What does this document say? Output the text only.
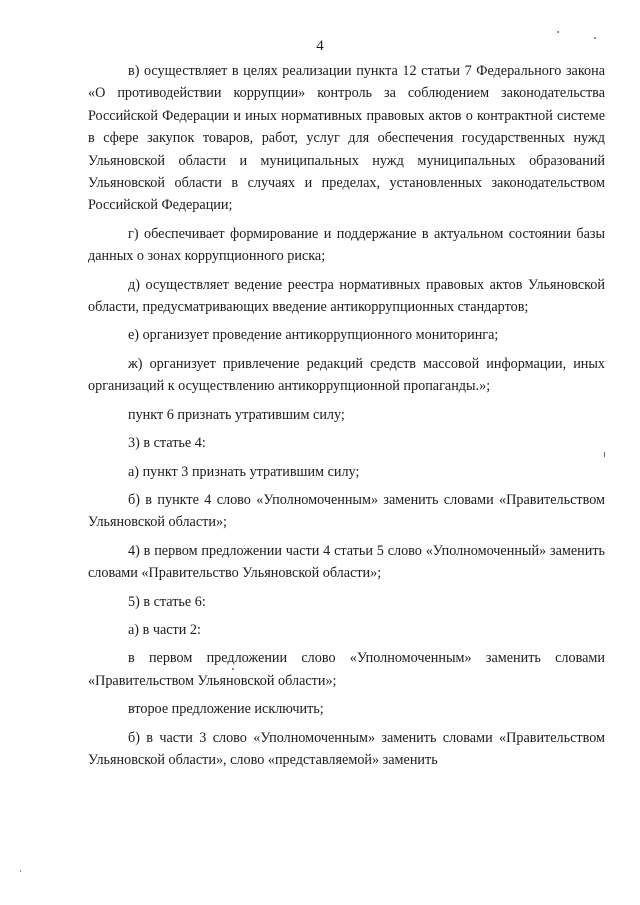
4

в) осуществляет в целях реализации пункта 12 статьи 7 Федерального закона «О противодействии коррупции» контроль за соблюдением законодательства Российской Федерации и иных нормативных правовых актов о контрактной системе в сфере закупок товаров, работ, услуг для обеспечения государственных нужд Ульяновской области и муниципальных нужд муниципальных образований Ульяновской области в случаях и пределах, установленных законодательством Российской Федерации;

г) обеспечивает формирование и поддержание в актуальном состоянии базы данных о зонах коррупционного риска;

д) осуществляет ведение реестра нормативных правовых актов Ульяновской области, предусматривающих введение антикоррупционных стандартов;

е) организует проведение антикоррупционного мониторинга;

ж) организует привлечение редакций средств массовой информации, иных организаций к осуществлению антикоррупционной пропаганды.»;

пункт 6 признать утратившим силу;

3) в статье 4:

а) пункт 3 признать утратившим силу;

б) в пункте 4 слово «Уполномоченным» заменить словами «Правительством Ульяновской области»;

4) в первом предложении части 4 статьи 5 слово «Уполномоченный» заменить словами «Правительство Ульяновской области»;

5) в статье 6:

а) в части 2:

в первом предложении слово «Уполномоченным» заменить словами «Правительством Ульяновской области»;

второе предложение исключить;

б) в части 3 слово «Уполномоченным» заменить словами «Правительством Ульяновской области», слово «представляемой» заменить
